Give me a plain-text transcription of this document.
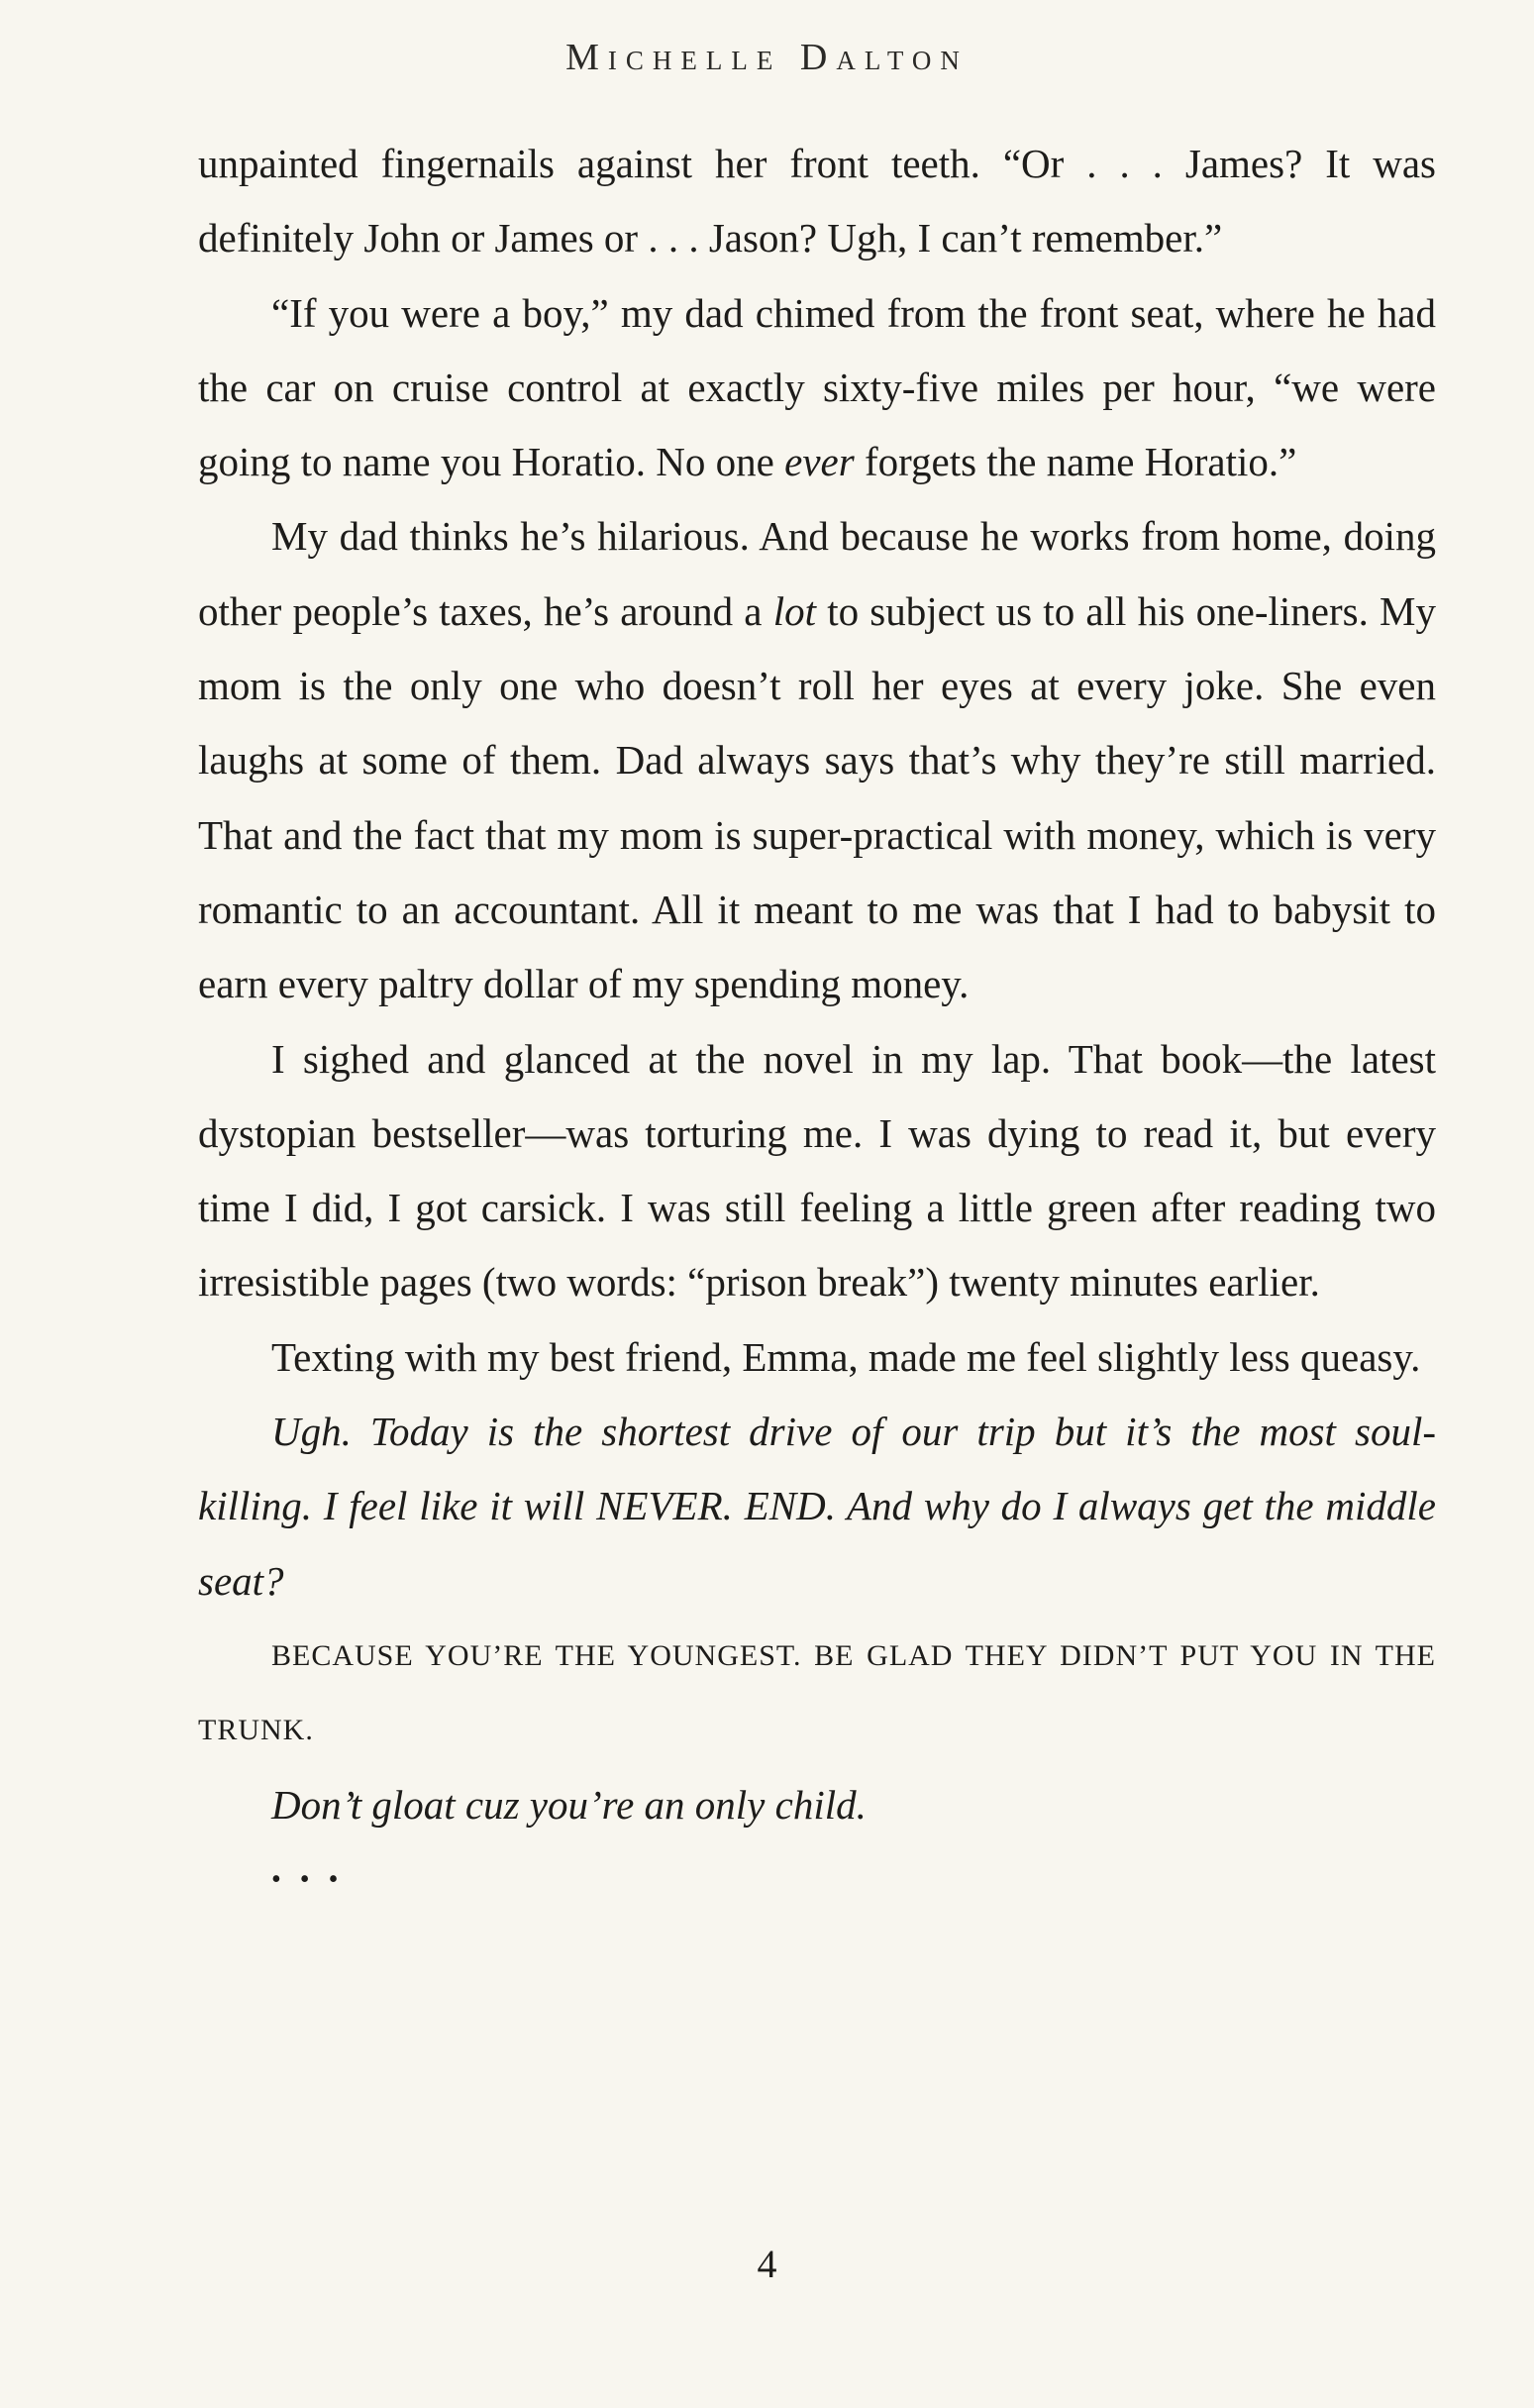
Michelle Dalton

unpainted fingernails against her front teeth. “Or . . . James? It was definitely John or James or . . . Jason? Ugh, I can’t remember.”

“If you were a boy,” my dad chimed from the front seat, where he had the car on cruise control at exactly sixty-five miles per hour, “we were going to name you Horatio. No one ever forgets the name Horatio.”

My dad thinks he’s hilarious. And because he works from home, doing other people’s taxes, he’s around a lot to subject us to all his one-liners. My mom is the only one who doesn’t roll her eyes at every joke. She even laughs at some of them. Dad always says that’s why they’re still married. That and the fact that my mom is super-practical with money, which is very romantic to an accountant. All it meant to me was that I had to babysit to earn every paltry dollar of my spending money.

I sighed and glanced at the novel in my lap. That book—the latest dystopian bestseller—was torturing me. I was dying to read it, but every time I did, I got carsick. I was still feeling a little green after reading two irresistible pages (two words: “prison break”) twenty minutes earlier.

Texting with my best friend, Emma, made me feel slightly less queasy.

Ugh. Today is the shortest drive of our trip but it’s the most soul-killing. I feel like it will NEVER. END. And why do I always get the middle seat?

BECAUSE YOU’RE THE YOUNGEST. BE GLAD THEY DIDN’T PUT YOU IN THE TRUNK.

Don’t gloat cuz you’re an only child.

• • •

4
